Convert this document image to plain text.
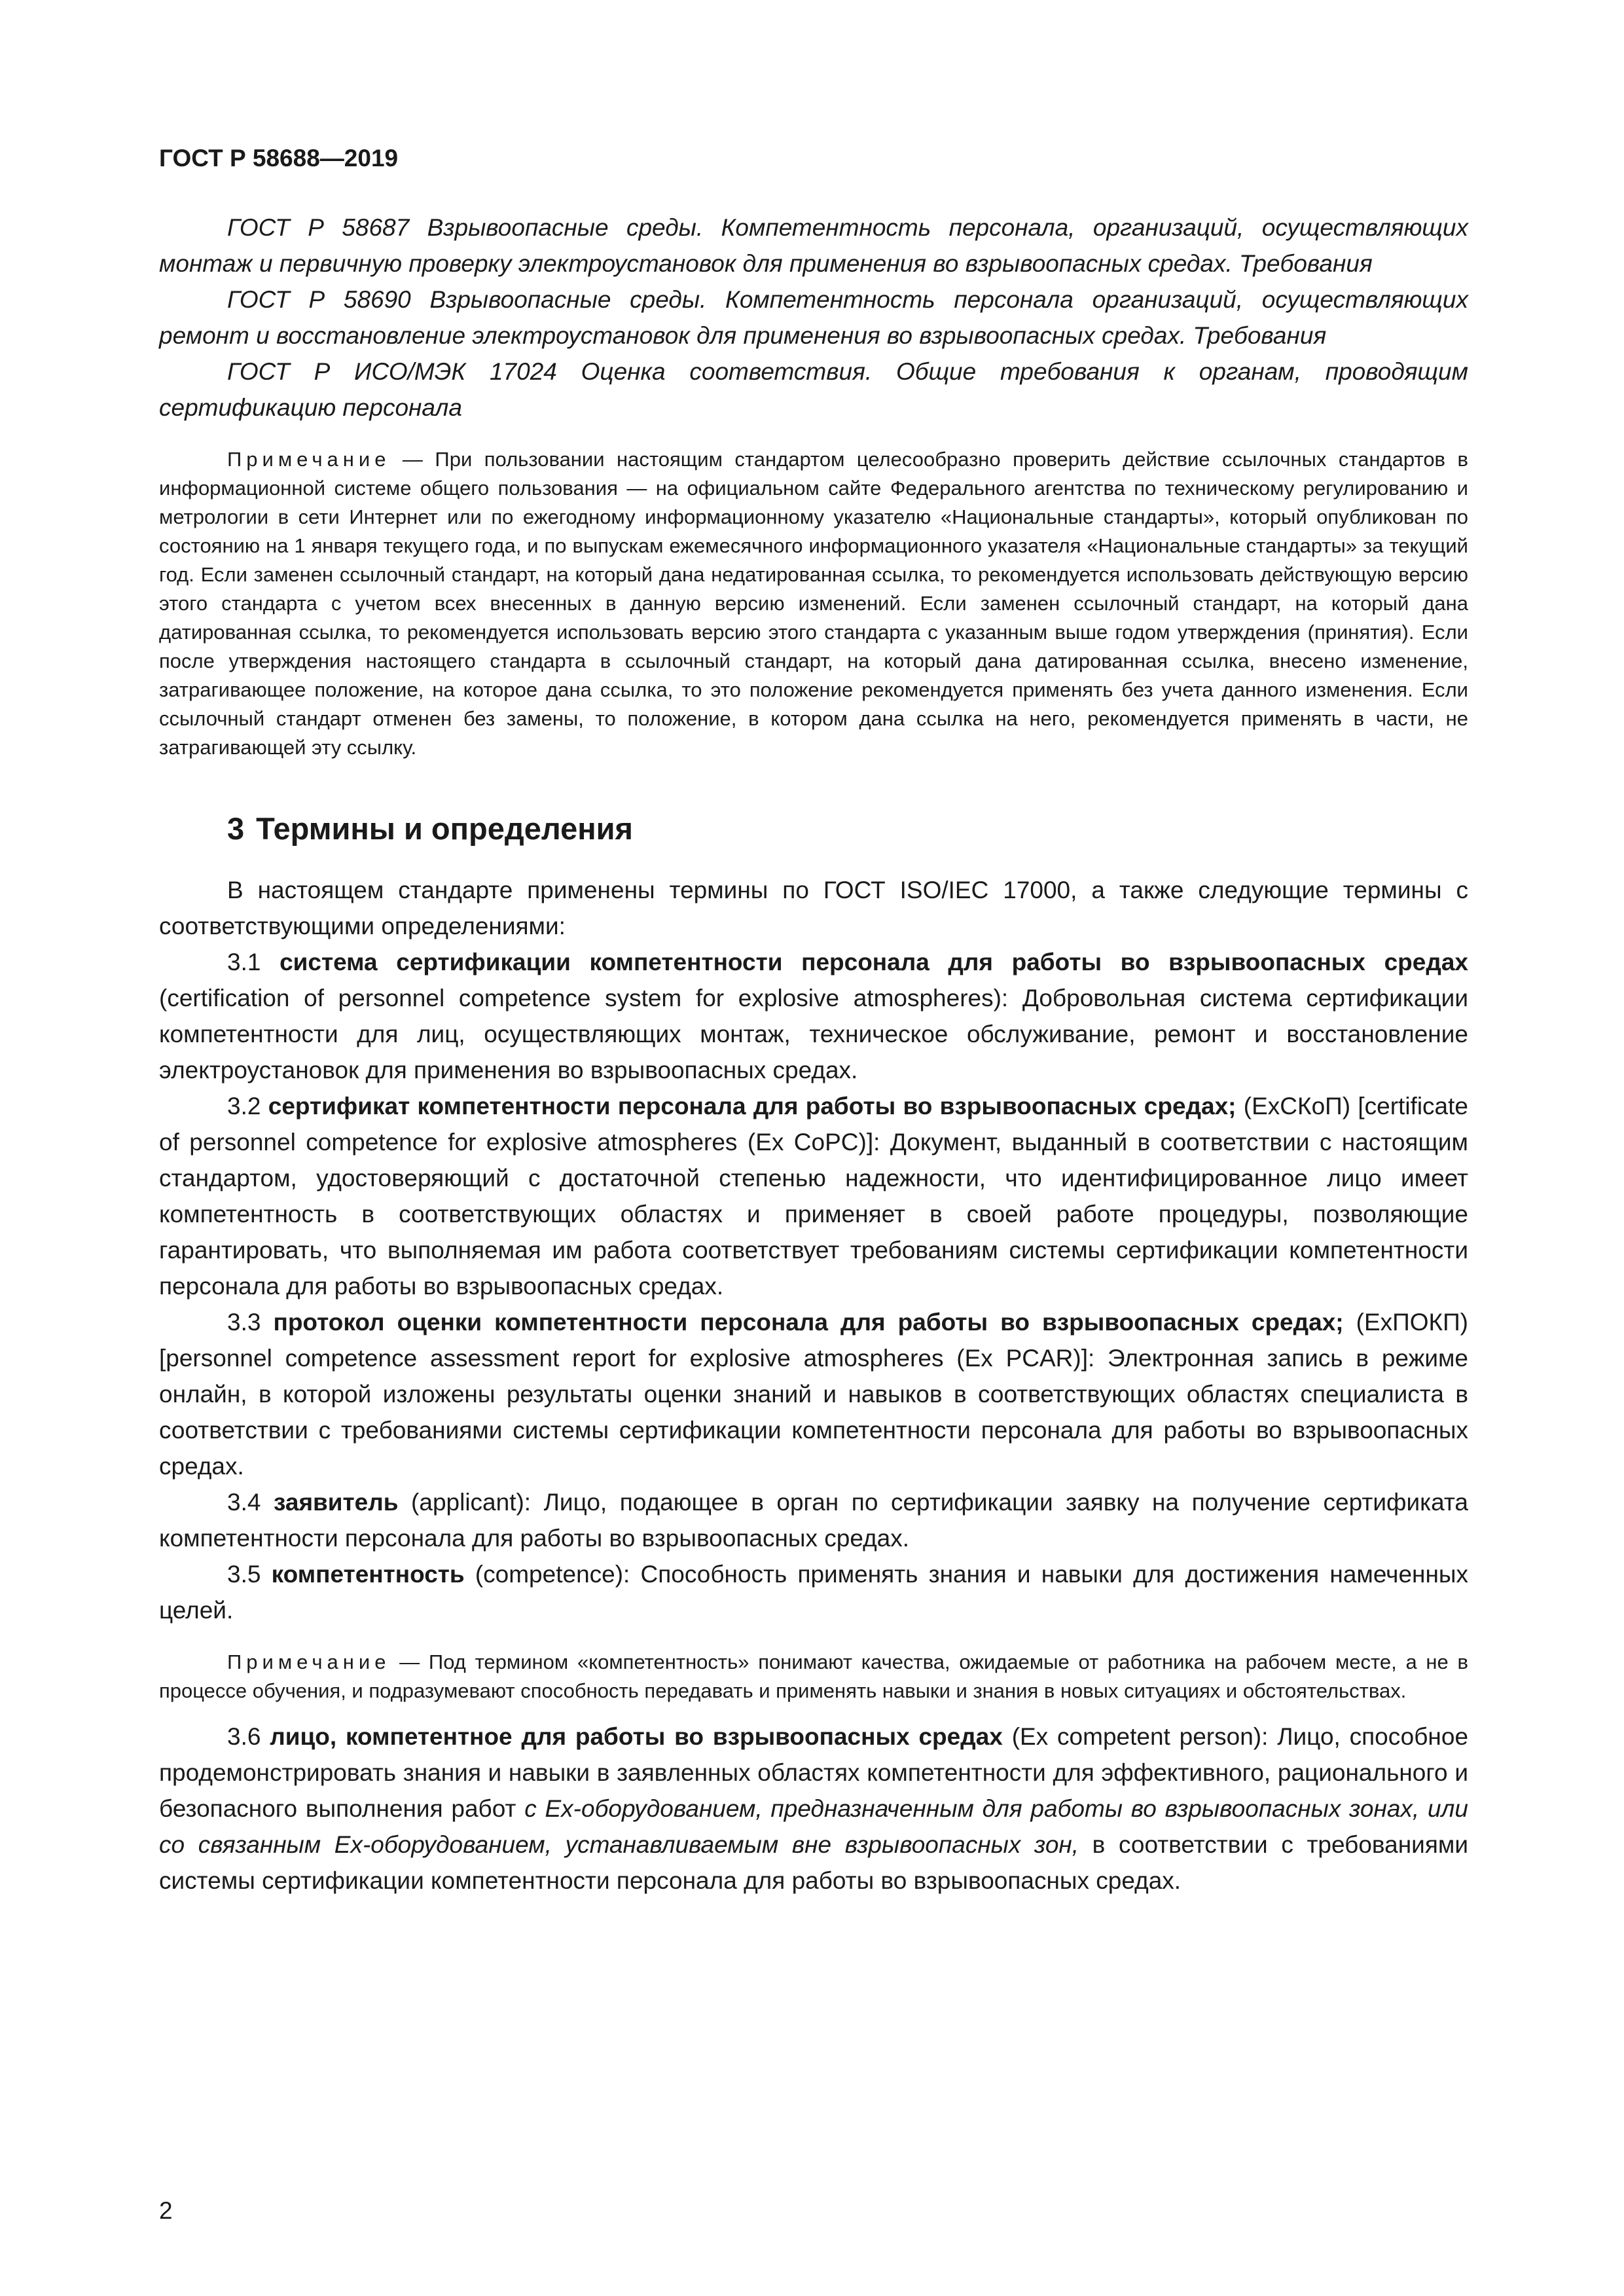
ГОСТ Р 58688—2019

ГОСТ Р 58687 Взрывоопасные среды. Компетентность персонала, организаций, осуществляющих монтаж и первичную проверку электроустановок для применения во взрывоопасных средах. Требования

ГОСТ Р 58690 Взрывоопасные среды. Компетентность персонала организаций, осуществляющих ремонт и восстановление электроустановок для применения во взрывоопасных средах. Требования

ГОСТ Р ИСО/МЭК 17024 Оценка соответствия. Общие требования к органам, проводящим сертификацию персонала

Примечание — При пользовании настоящим стандартом целесообразно проверить действие ссылочных стандартов в информационной системе общего пользования — на официальном сайте Федерального агентства по техническому регулированию и метрологии в сети Интернет или по ежегодному информационному указателю «Национальные стандарты», который опубликован по состоянию на 1 января текущего года, и по выпускам ежемесячного информационного указателя «Национальные стандарты» за текущий год. Если заменен ссылочный стандарт, на который дана недатированная ссылка, то рекомендуется использовать действующую версию этого стандарта с учетом всех внесенных в данную версию изменений. Если заменен ссылочный стандарт, на который дана датированная ссылка, то рекомендуется использовать версию этого стандарта с указанным выше годом утверждения (принятия). Если после утверждения настоящего стандарта в ссылочный стандарт, на который дана датированная ссылка, внесено изменение, затрагивающее положение, на которое дана ссылка, то это положение рекомендуется применять без учета данного изменения. Если ссылочный стандарт отменен без замены, то положение, в котором дана ссылка на него, рекомендуется применять в части, не затрагивающей эту ссылку.

3 Термины и определения

В настоящем стандарте применены термины по ГОСТ ISO/IEC 17000, а также следующие термины с соответствующими определениями:

3.1 система сертификации компетентности персонала для работы во взрывоопасных средах (certification of personnel competence system for explosive atmospheres): Добровольная система сертификации компетентности для лиц, осуществляющих монтаж, техническое обслуживание, ремонт и восстановление электроустановок для применения во взрывоопасных средах.

3.2 сертификат компетентности персонала для работы во взрывоопасных средах; (ExСКоП) [certificate of personnel competence for explosive atmospheres (Ex CoPC)]: Документ, выданный в соответствии с настоящим стандартом, удостоверяющий с достаточной степенью надежности, что идентифицированное лицо имеет компетентность в соответствующих областях и применяет в своей работе процедуры, позволяющие гарантировать, что выполняемая им работа соответствует требованиям системы сертификации компетентности персонала для работы во взрывоопасных средах.

3.3 протокол оценки компетентности персонала для работы во взрывоопасных средах; (ExПОКП) [personnel competence assessment report for explosive atmospheres (Ex PCAR)]: Электронная запись в режиме онлайн, в которой изложены результаты оценки знаний и навыков в соответствующих областях специалиста в соответствии с требованиями системы сертификации компетентности персонала для работы во взрывоопасных средах.

3.4 заявитель (applicant): Лицо, подающее в орган по сертификации заявку на получение сертификата компетентности персонала для работы во взрывоопасных средах.

3.5 компетентность (competence): Способность применять знания и навыки для достижения намеченных целей.

Примечание — Под термином «компетентность» понимают качества, ожидаемые от работника на рабочем месте, а не в процессе обучения, и подразумевают способность передавать и применять навыки и знания в новых ситуациях и обстоятельствах.

3.6 лицо, компетентное для работы во взрывоопасных средах (Ex competent person): Лицо, способное продемонстрировать знания и навыки в заявленных областях компетентности для эффективного, рационального и безопасного выполнения работ с Ex-оборудованием, предназначенным для работы во взрывоопасных зонах, или со связанным Ex-оборудованием, устанавливаемым вне взрывоопасных зон, в соответствии с требованиями системы сертификации компетентности персонала для работы во взрывоопасных средах.

2
